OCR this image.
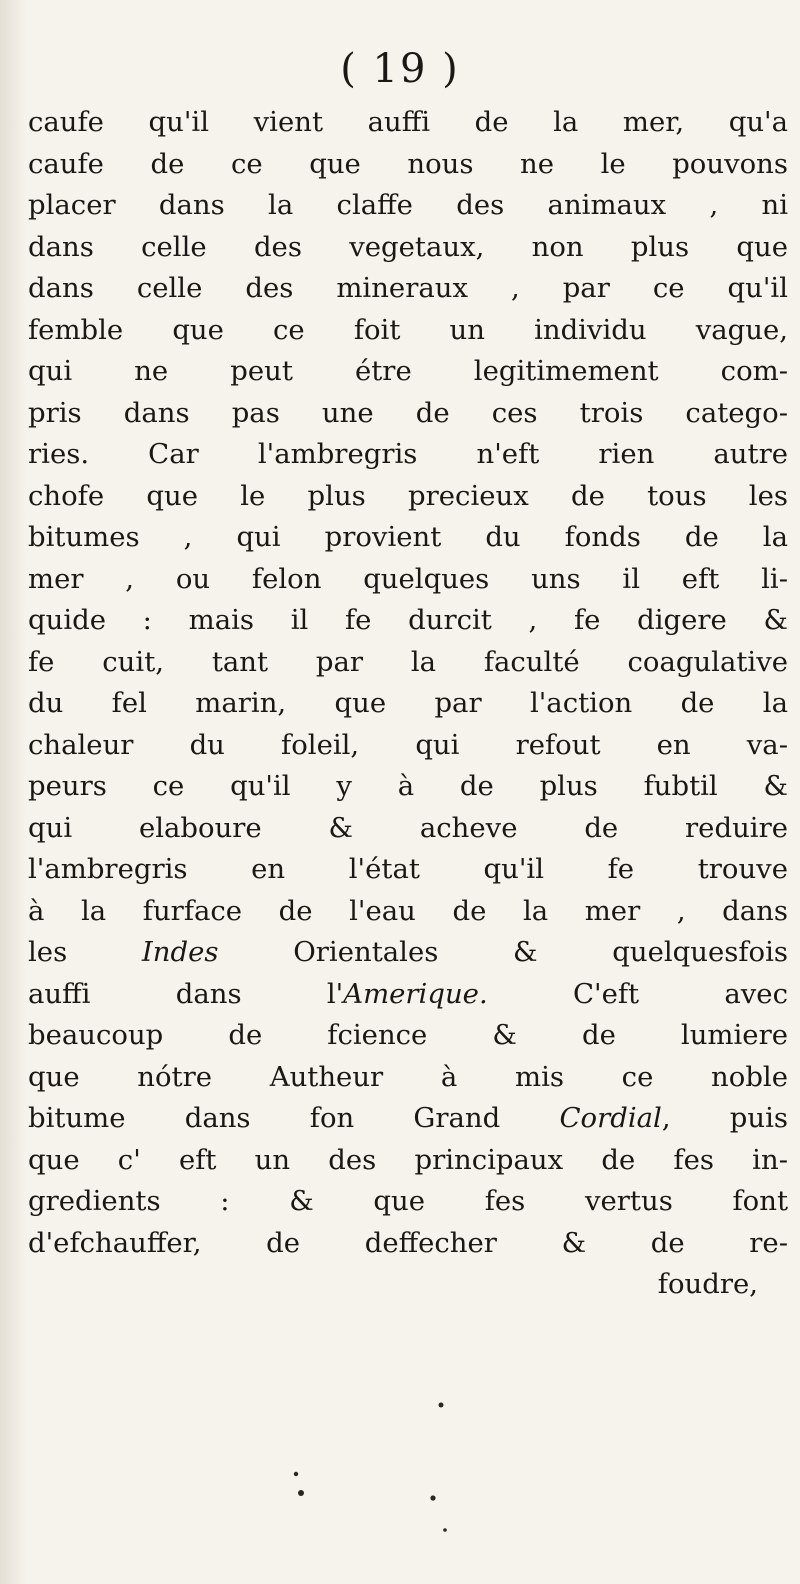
( 19 )
caufe qu'il vient auffi de la mer, qu'a
caufe de ce que nous ne le pouvons
placer dans la claffe des animaux , ni
dans celle des vegetaux, non plus que
dans celle des mineraux , par ce qu'il
femble que ce foit un individu vague,
qui ne peut étre legitimement com-
pris dans pas une de ces trois catego-
ries. Car l'ambregris n'eft rien autre
chofe que le plus precieux de tous les
bitumes , qui provient du fonds de la
mer , ou felon quelques uns il eft li-
quide : mais il fe durcit , fe digere &
fe cuit, tant par la faculté coagulative
du fel marin, que par l'action de la
chaleur du foleil, qui refout en va-
peurs ce qu'il y à de plus fubtil &
qui elaboure & acheve de reduire
l'ambregris en l'état qu'il fe trouve
à la furface de l'eau de la mer , dans
les Indes Orientales & quelquesfois
auffi dans l'Amerique. C'eft avec
beaucoup de fcience & de lumiere
que nótre Autheur à mis ce noble
bitume dans fon Grand Cordial, puis
que c' eft un des principaux de fes in-
gredients : & que fes vertus font
d'efchauffer, de deffecher & de re-
foudre,
